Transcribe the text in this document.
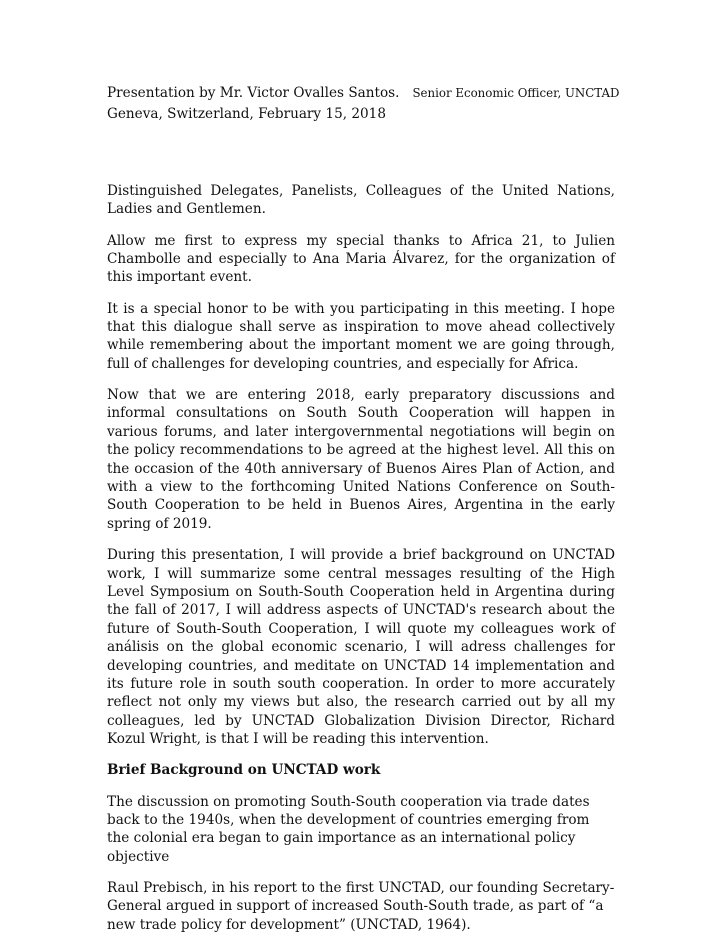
Presentation by Mr. Victor Ovalles Santos. Senior Economic Officer, UNCTAD

Geneva, Switzerland, February 15, 2018

Distinguished Delegates, Panelists, Colleagues of the United Nations, Ladies and Gentlemen.

Allow me first to express my special thanks to Africa 21, to Julien Chambolle and especially to Ana Maria Álvarez, for the organization of this important event.

It is a special honor to be with you participating in this meeting. I hope that this dialogue shall serve as inspiration to move ahead collectively while remembering about the important moment we are going through, full of challenges for developing countries, and especially for Africa.

Now that we are entering 2018, early preparatory discussions and informal consultations on South South Cooperation will happen in various forums, and later intergovernmental negotiations will begin on the policy recommendations to be agreed at the highest level. All this on the occasion of the 40th anniversary of Buenos Aires Plan of Action, and with a view to the forthcoming United Nations Conference on South-South Cooperation to be held in Buenos Aires, Argentina in the early spring of 2019.

During this presentation, I will provide a brief background on UNCTAD work, I will summarize some central messages resulting of the High Level Symposium on South-South Cooperation held in Argentina during the fall of 2017, I will address aspects of UNCTAD's research about the future of South-South Cooperation, I will quote my colleagues work of análisis on the global economic scenario, I will adress challenges for developing countries, and meditate on UNCTAD 14 implementation and its future role in south south cooperation. In order to more accurately reflect not only my views but also, the research carried out by all my colleagues, led by UNCTAD Globalization Division Director, Richard Kozul Wright, is that I will be reading this intervention.

Brief Background on UNCTAD work

The discussion on promoting South-South cooperation via trade dates back to the 1940s, when the development of countries emerging from the colonial era began to gain importance as an international policy objective

Raul Prebisch, in his report to the first UNCTAD, our founding Secretary-General argued in support of increased South-South trade, as part of “a new trade policy for development” (UNCTAD, 1964).
